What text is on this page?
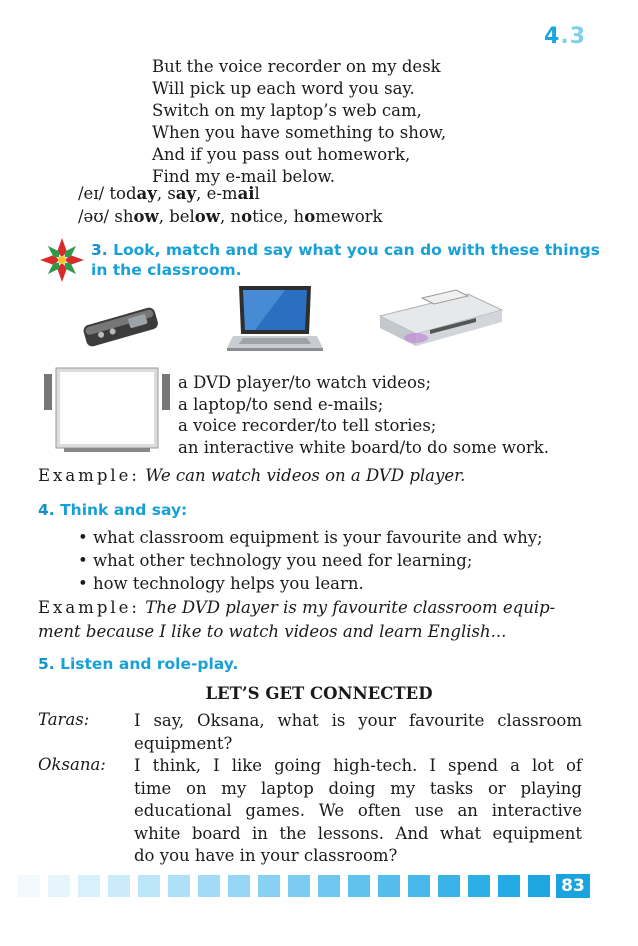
4.3
But the voice recorder on my desk
Will pick up each word you say.
Switch on my laptop’s web cam,
When you have something to show,
And if you pass out homework,
Find my e-mail below.
/eɪ/ today, say, e-mail
/əʊ/ show, below, notice, homework
3. Look, match and say what you can do with these things
in the classroom.
a DVD player/to watch videos;
a laptop/to send e-mails;
a voice recorder/to tell stories;
an interactive white board/to do some work.
Example: We can watch videos on a DVD player.
4. Think and say:
• what classroom equipment is your favourite and why;
• what other technology you need for learning;
• how technology helps you learn.
Example: The DVD player is my favourite classroom equip-
ment because I like to watch videos and learn English...
5. Listen and role-play.
LET’S GET CONNECTED
Taras:	I say, Oksana, what is your favourite classroom
equipment?
Oksana: I think, I like going high-tech. I spend a lot of
time on my laptop doing my tasks or playing
educational games. We often use an interactive
white board in the lessons. And what equipment
do you have in your classroom?
83
